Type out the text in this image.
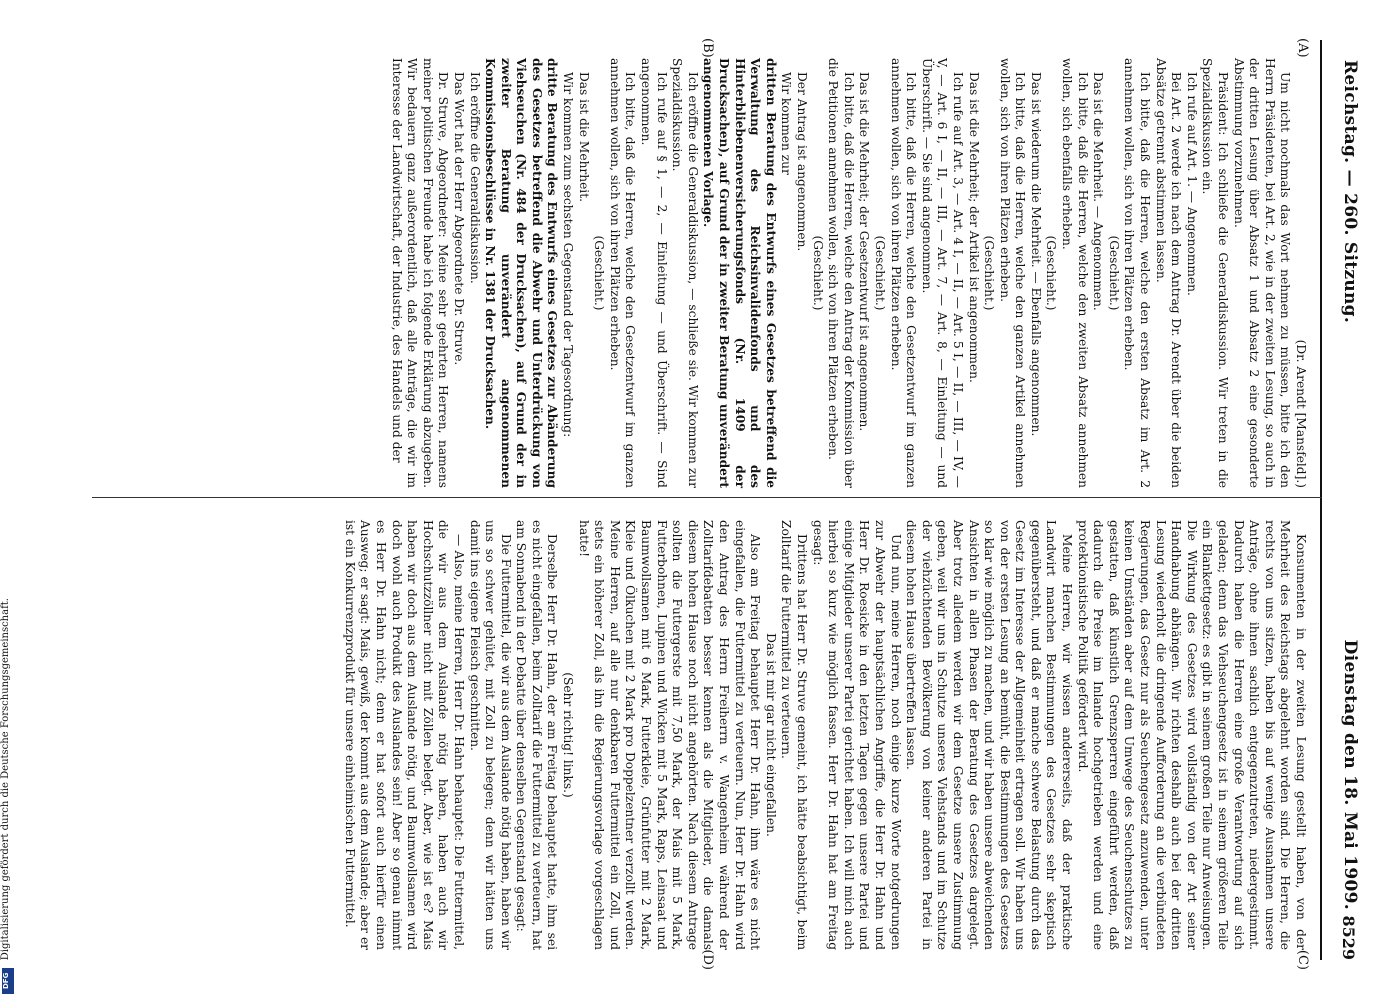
Reichstag. — 260. Sitzung.
Dienstag den 18. Mai 1909.
8529
(A)
(B)
(C)
(D)

(Dr. Arendt [Mansfeld].)

Um nicht nochmals das Wort nehmen zu müssen, bitte ich den Herrn Präsidenten, bei Art. 2, wie in der zweiten Lesung, so auch in der dritten Lesung über Absatz 1 und Absatz 2 eine gesonderte Abstimmung vorzunehmen.

Präsident: Ich schließe die Generaldiskussion. Wir treten in die Spezialdiskussion ein.

Ich rufe auf Art. 1. — Angenommen.

Bei Art. 2 werde ich nach dem Antrag Dr. Arendt über die beiden Absätze getrennt abstimmen lassen.

Ich bitte, daß die Herren, welche den ersten Absatz im Art. 2 annehmen wollen, sich von ihren Plätzen erheben.

(Geschieht.)

Das ist die Mehrheit. — Angenommen.

Ich bitte, daß die Herren, welche den zweiten Absatz annehmen wollen, sich ebenfalls erheben.

(Geschieht.)

Das ist wiederum die Mehrheit. — Ebenfalls angenommen.

Ich bitte, daß die Herren, welche den ganzen Artikel annehmen wollen, sich von ihren Plätzen erheben.

(Geschieht.)

Das ist die Mehrheit; der Artikel ist angenommen.

Ich rufe auf Art. 3, — Art. 4 I, — II, — Art. 5 I, — II, — III, — IV, — V, — Art. 6 I, — II, — III, — Art. 7, — Art. 8, — Einleitung — und Überschrift. — Sie sind angenommen.

Ich bitte, daß die Herren, welche den Gesetzentwurf im ganzen annehmen wollen, sich von ihren Plätzen erheben.

(Geschieht.)

Das ist die Mehrheit; der Gesetzentwurf ist angenommen.

Ich bitte, daß die Herren, welche den Antrag der Kommission über die Petitionen annehmen wollen, sich von ihren Plätzen erheben.

(Geschieht.)

Der Antrag ist angenommen.

Wir kommen zur

dritten Beratung des Entwurfs eines Gesetzes betreffend die Verwaltung des Reichsinvalidenfonds und des Hinterbliebenenversicherungsfonds (Nr. 1409 der Drucksachen), auf Grund der in zweiter Beratung unverändert angenommenen Vorlage.

Ich eröffne die Generaldiskussion, — schließe sie. Wir kommen zur Spezialdiskussion.

Ich rufe auf § 1, — 2, — Einleitung — und Überschrift. — Sind angenommen.

Ich bitte, daß die Herren, welche den Gesetzentwurf im ganzen annehmen wollen, sich von ihren Plätzen erheben.

(Geschieht.)

Das ist die Mehrheit.

Wir kommen zum sechsten Gegenstand der Tagesordnung:

dritte Beratung des Entwurfs eines Gesetzes zur Abänderung des Gesetzes betreffend die Abwehr und Unterdrückung von Viehseuchen (Nr. 484 der Drucksachen), auf Grund der in zweiter Beratung unverändert angenommenen Kommissionsbeschlüsse in Nr. 1381 der Drucksachen.

Ich eröffne die Generaldiskussion.

Das Wort hat der Herr Abgeordnete Dr. Struve.

Dr. Struve, Abgeordneter: Meine sehr geehrten Herren, namens meiner politischen Freunde habe ich folgende Erklärung abzugeben. Wir bedauern ganz außerordentlich, daß alle Anträge, die wir im Interesse der Landwirtschaft, der Industrie, des Handels und der

Konsumenten in der zweiten Lesung gestellt haben, von der Mehrheit des Reichstags abgelehnt worden sind. Die Herren, die rechts von uns sitzen, haben bis auf wenige Ausnahmen unsere Anträge, ohne ihnen sachlich entgegenzutreten, niedergestimmt. Dadurch haben die Herren eine große Verantwortung auf sich geladen; denn das Viehseuchengesetz ist in seinem größeren Teile ein Blankettgesetz: es gibt in seinem großen Teile nur Anweisungen. Die Wirkung des Gesetzes wird vollständig von der Art seiner Handhabung abhängen. Wir richten deshalb auch bei der dritten Lesung wiederholt die dringende Aufforderung an die verbündeten Regierungen, das Gesetz nur als Seuchengesetz anzuwenden, unter keinen Umständen aber auf dem Umwege des Seuchenschutzes zu gestatten, daß künstlich Grenzsperren eingeführt werden, daß dadurch die Preise im Inlande hochgetrieben werden und eine protektionistische Politik gefördert wird.

Meine Herren, wir wissen andererseits, daß der praktische Landwirt manchen Bestimmungen des Gesetzes sehr skeptisch gegenübersteht, und daß er manche schwere Belastung durch das Gesetz im Interesse der Allgemeinheit ertragen soll. Wir haben uns von der ersten Lesung an bemüht, die Bestimmungen des Gesetzes so klar wie möglich zu machen, und wir haben unsere abweichenden Ansichten in allen Phasen der Beratung des Gesetzes dargelegt. Aber trotz alledem werden wir dem Gesetze unsere Zustimmung geben, weil wir uns in Schutze unseres Viehstands und im Schutze der viehzüchtenden Bevölkerung von keiner anderen Partei in diesem hohen Hause übertreffen lassen.

Und nun, meine Herren, noch einige kurze Worte notgedrungen zur Abwehr der hauptsächlichen Angriffe, die Herr Dr. Hahn und Herr Dr. Roesicke in den letzten Tagen gegen unsere Partei und einige Mitglieder unserer Partei gerichtet haben. Ich will mich auch hierbei so kurz wie möglich fassen. Herr Dr. Hahn hat am Freitag gesagt:

Drittens hat Herr Dr. Struve gemeint, ich hätte beabsichtigt, beim Zolltarif die Futtermittel zu verteuern.

Das ist mir gar nicht eingefallen.

Also am Freitag behauptet Herr Dr. Hahn, ihm wäre es nicht eingefallen, die Futtermittel zu verteuern. Nun, Herr Dr. Hahn wird den Antrag des Herrn Freiherrn v. Wangenheim während der Zolltarifdebatten besser kennen als die Mitglieder, die damals diesem hohen Hause noch nicht angehörten. Nach diesem Antrage sollten die Futtergerste mit 7,50 Mark, der Mais mit 5 Mark, Futterbohnen, Lupinen und Wicken mit 5 Mark, Raps, Leinsaat und Baumwollsamen mit 6 Mark, Futterkleie, Grünfutter mit 2 Mark, Kleie und Ölkuchen mit 2 Mark pro Doppelzentner verzollt werden. Meine Herren, auf alle nur denkbaren Futtermittel ein Zoll, und stets ein höherer Zoll, als ihn die Regierungsvorlage vorgeschlagen hatte!

(Sehr richtig! links.)

Derselbe Herr Dr. Hahn, der am Freitag behauptet hatte, ihm sei es nicht eingefallen, beim Zolltarif die Futtermittel zu verteuern, hat am Sonnabend in der Debatte über denselben Gegenstand gesagt:

Die Futtermittel, die wir aus dem Auslande nötig haben, haben wir uns so schwer gehütet, mit Zoll zu belegen; denn wir hätten uns damit ins eigene Fleisch geschnitten.

— Also, meine Herren, Herr Dr. Hahn behauptet: Die Futtermittel, die wir aus dem Auslande nötig haben, haben auch wir Hochschutzzöllner nicht mit Zöllen belegt. Aber, wie ist es? Mais haben wir doch aus dem Auslande nötig, und Baumwollsamen wird doch wohl auch Produkt des Auslandes sein! Aber so genau nimmt es Herr Dr. Hahn nicht; denn er hat sofort auch hierfür einen Ausweg; er sagt: Mais, gewiß, der kommt aus dem Auslande; aber er ist ein Konkurrenzprodukt für unsere einheimischen Futtermittel.

Digitalisierung gefördert durch die Deutsche Forschungsgemeinschaft.
DFG
